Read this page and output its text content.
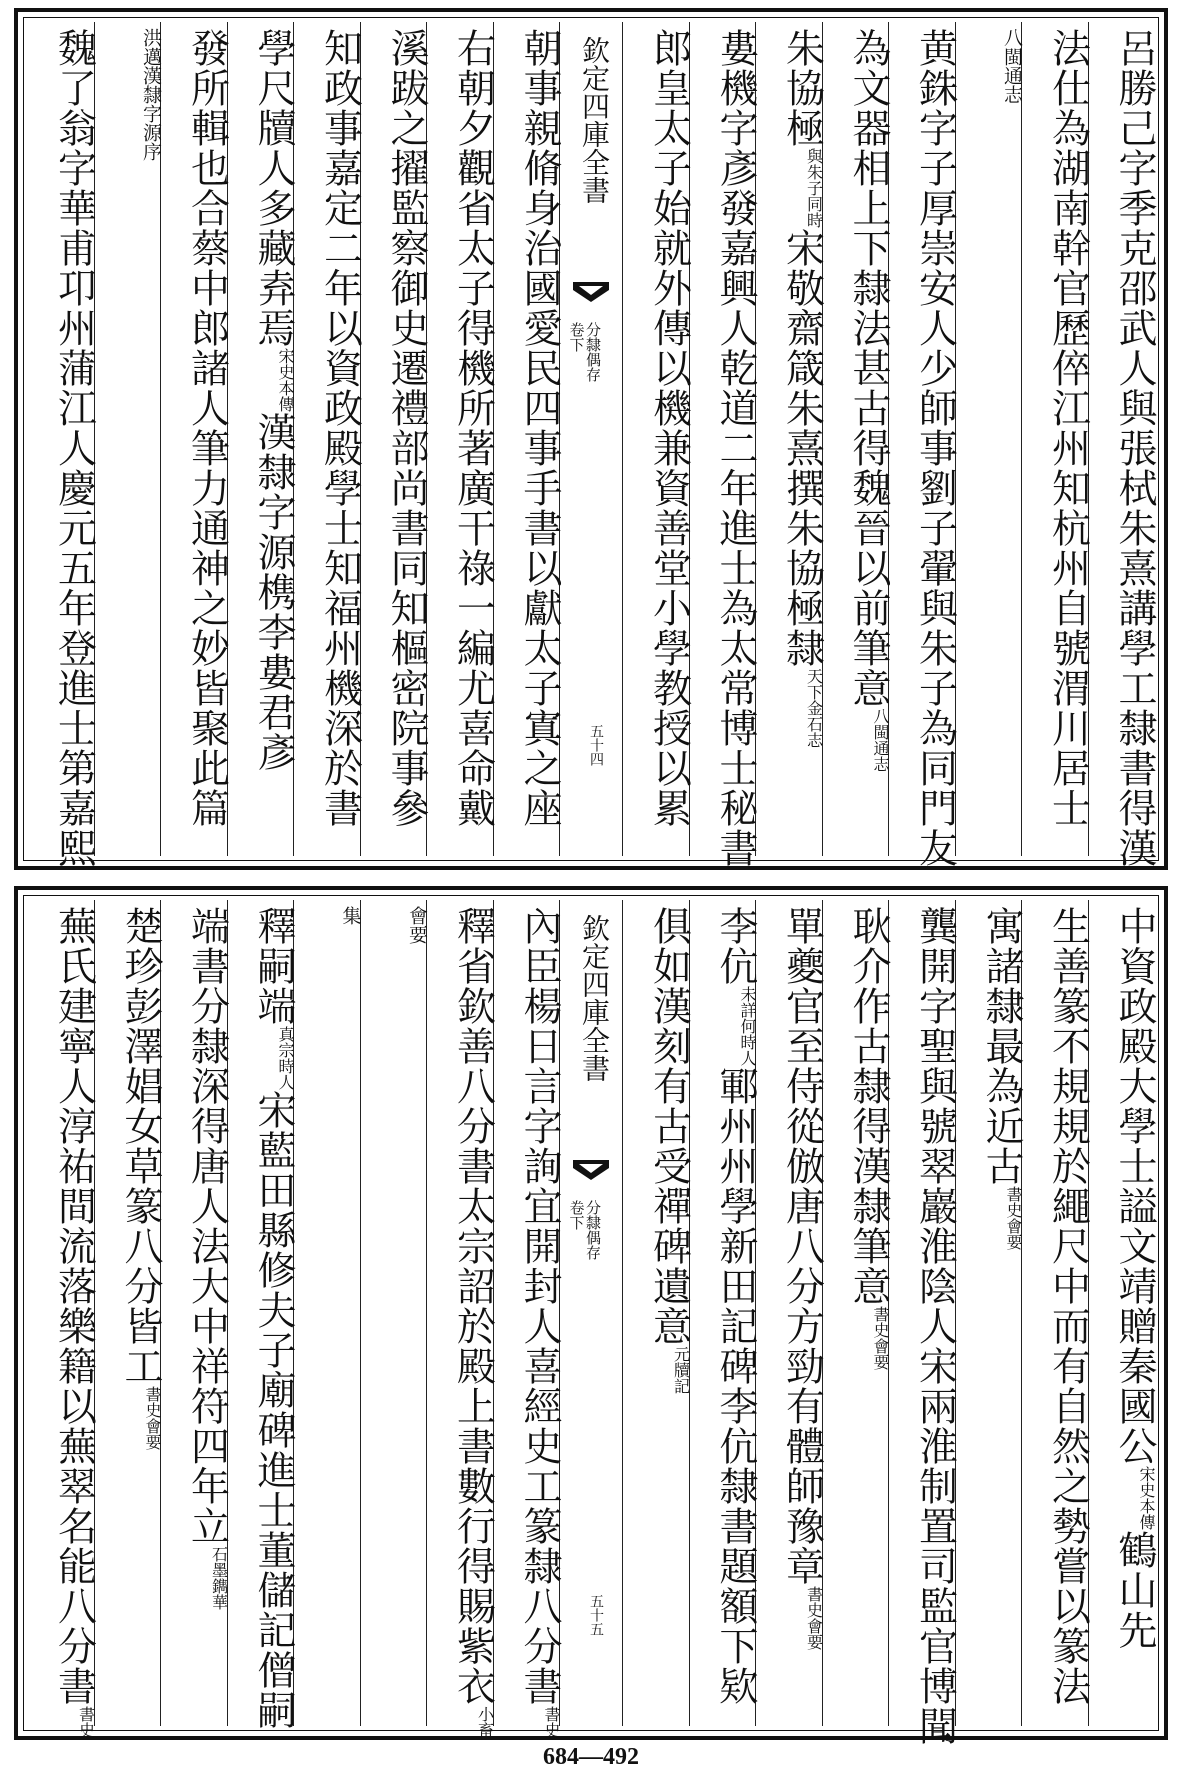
呂勝己字季克邵武人與張栻朱熹講學工隸書得漢
法仕為湖南幹官歷倅江州知杭州自號渭川居士
八閩通志
黄銖字子厚崇安人少師事劉子翬與朱子為同門友
為文器相上下隸法甚古得魏晉以前筆意$^{八閩通志}$
朱協極$^{與朱子同時}$宋敬齋箴朱熹撰朱協極隸$^{天下金石志}$
婁機字彥發嘉興人乾道二年進士為太常博士秘書
郎皇太子始就外傳以機兼資善堂小學教授以累
欽定四庫全書
分隸偶存
卷下
五十四
朝事親脩身治國愛民四事手書以獻太子寘之座
右朝夕觀省太子得機所著廣干祿一編尤喜命戴
溪跋之擢監察御史遷禮部尚書同知樞密院事參
知政事嘉定二年以資政殿學士知福州機深於書
學尺牘人多藏弆焉$^{宋史本傳}$漢隸字源槜李婁君彥
發所輯也合蔡中郎諸人筆力通神之妙皆聚此篇
洪邁漢隸字源序
魏了翁字華甫卭州蒲江人慶元五年登進士第嘉熙
中資政殿大學士謚文靖贈秦國公$^{宋史本傳}$鶴山先
生善篆不規規於繩尺中而有自然之勢嘗以篆法
寓諸隸最為近古$^{書史會要}$
龔開字聖與號翠巖淮陰人宋兩淮制置司監官博聞
耿介作古隸得漢隸筆意$^{書史會要}$
單夔官至侍從倣唐八分方勁有體師豫章$^{書史會要}$
李伉$^{未詳何時人}$鄆州州學新田記碑李伉隸書題額下欵
俱如漢刻有古受禪碑遺意$^{元牘記}$
欽定四庫全書
分隸偶存
卷下
五十五
內臣楊日言字詢宜開封人喜經史工篆隸八分書$^{書史}$
釋省欽善八分書太宗詔於殿上書數行得賜紫衣$^{小畜}$
會要
集
釋嗣端$^{真宗時人}$宋藍田縣修夫子廟碑進士董儲記僧嗣
端書分隸深得唐人法大中祥符四年立$^{石墨鐫華}$
楚珍彭澤娼女草篆八分皆工$^{書史會要}$
蕪氏建寧人淳祐間流落樂籍以蕪翠名能八分書$^{書史}$
684—492
